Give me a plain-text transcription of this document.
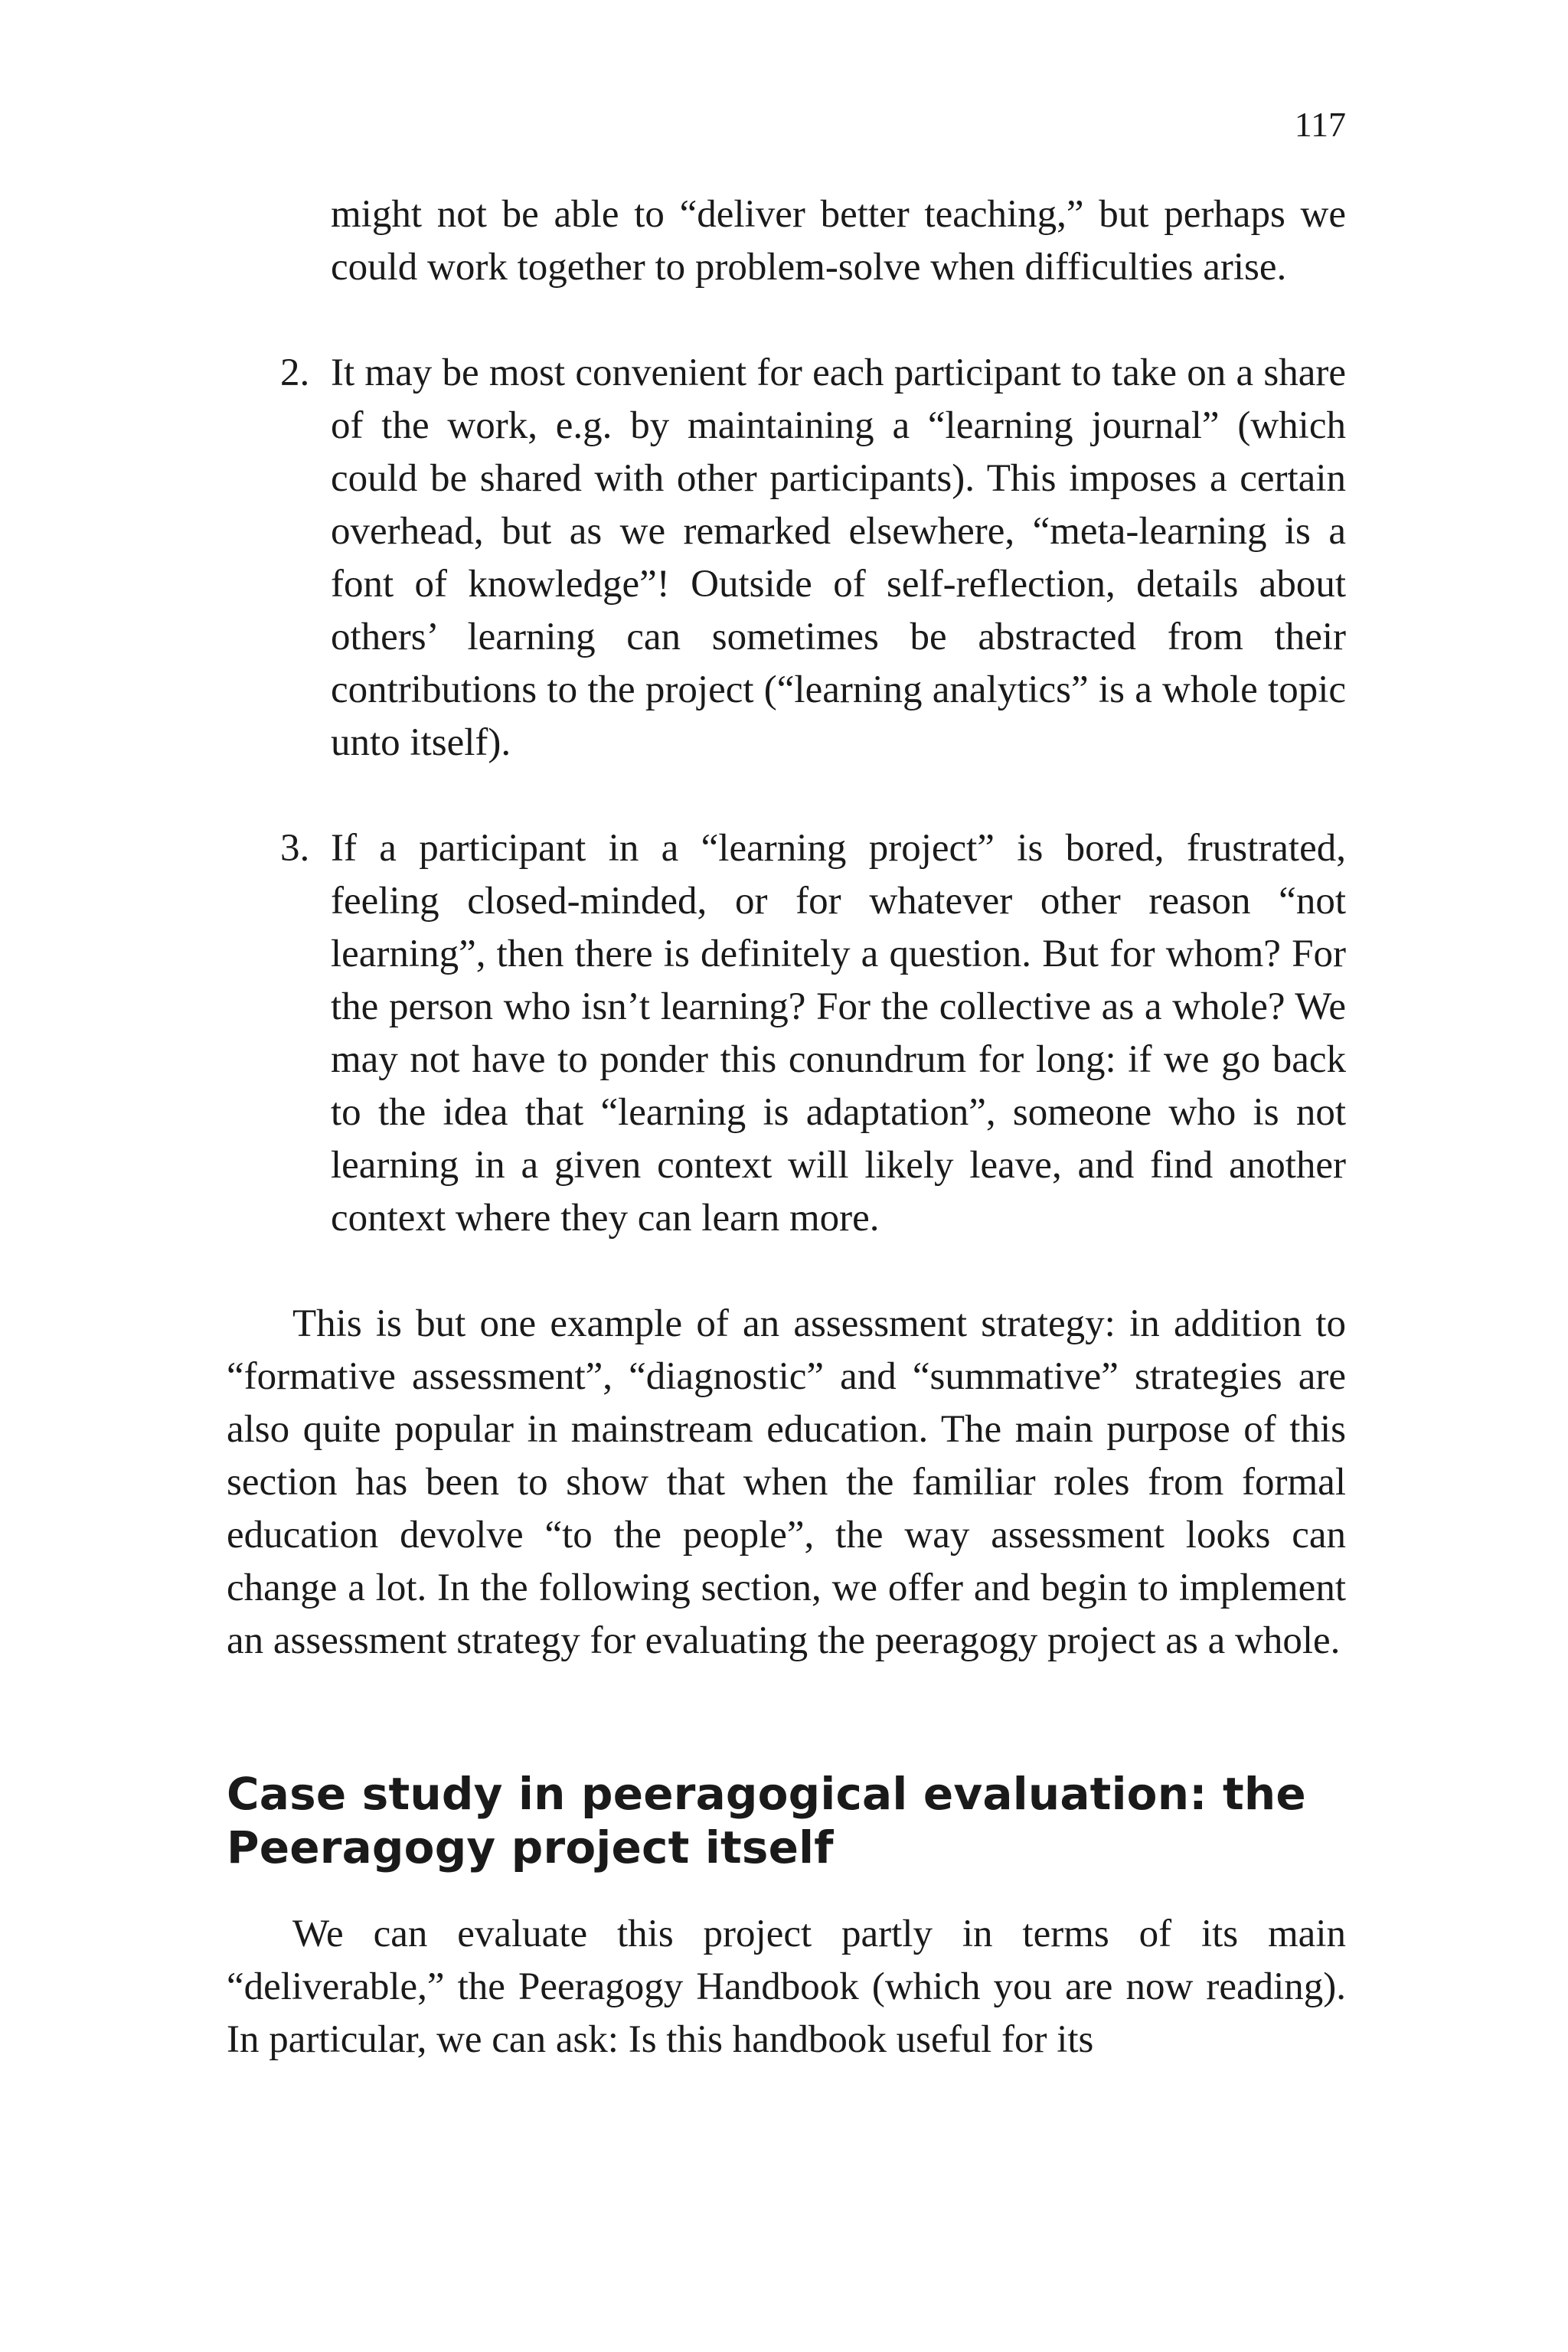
117

might not be able to “deliver better teaching,” but perhaps we could work together to problem-solve when difficulties arise.

2. It may be most convenient for each participant to take on a share of the work, e.g. by maintaining a “learning journal” (which could be shared with other participants). This imposes a certain overhead, but as we remarked elsewhere, “meta-learning is a font of knowledge”! Outside of self-reflection, details about others’ learning can sometimes be abstracted from their contributions to the project (“learning analytics” is a whole topic unto itself).
3. If a participant in a “learning project” is bored, frustrated, feeling closed-minded, or for whatever other reason “not learning”, then there is definitely a question. But for whom? For the person who isn’t learning? For the collective as a whole? We may not have to ponder this conundrum for long: if we go back to the idea that “learning is adaptation”, someone who is not learning in a given context will likely leave, and find another context where they can learn more.

This is but one example of an assessment strategy: in addition to “formative assessment”, “diagnostic” and “summative” strategies are also quite popular in mainstream education. The main purpose of this section has been to show that when the familiar roles from formal education devolve “to the people”, the way assessment looks can change a lot. In the following section, we offer and begin to implement an assessment strategy for evaluating the peeragogy project as a whole.

Case study in peeragogical evaluation: the Peeragogy project itself

We can evaluate this project partly in terms of its main “deliverable,” the Peeragogy Handbook (which you are now reading). In particular, we can ask: Is this handbook useful for its
